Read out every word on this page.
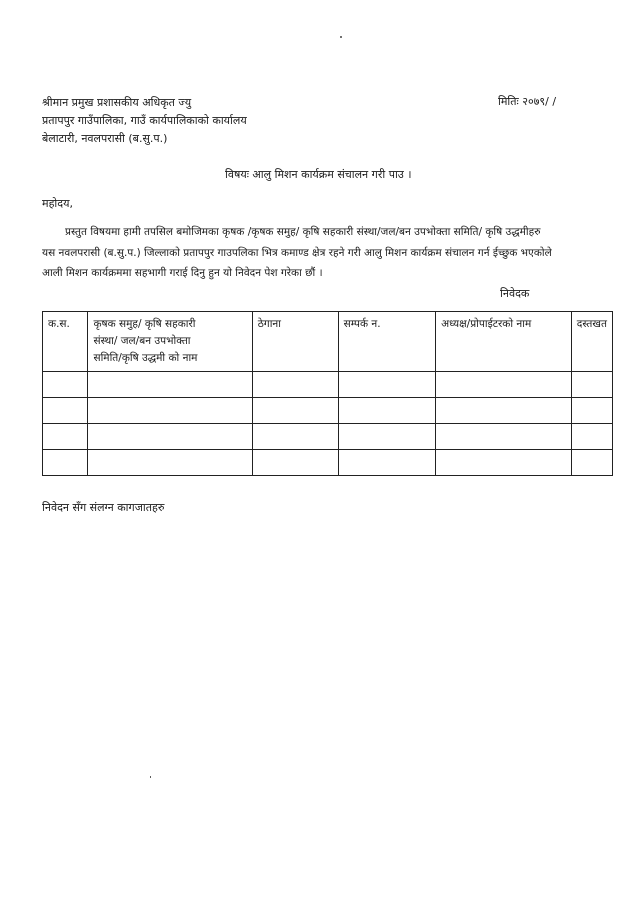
श्रीमान प्रमुख प्रशासकीय अधिकृत ज्यु
प्रतापपुर गाउँपालिका, गाउँ कार्यपालिकाको कार्यालय
बेलाटारी, नवलपरासी (ब.सु.प.)
मितिः २०७९/ /
विषयः आलु मिशन कार्यक्रम संचालन गरी पाउ ।
महोदय,
प्रस्तुत विषयमा हामी तपसिल बमोजिमका कृषक /कृषक समुह/ कृषि सहकारी संस्था/जल/बन उपभोक्ता समिति/ कृषि उद्धमीहरु
यस नवलपरासी (ब.सु.प.) जिल्लाको प्रतापपुर गाउपलिका भित्र कमाण्ड क्षेत्र रहने गरी आलु मिशन कार्यक्रम संचालन गर्न ईच्छुक भएकोले
आली मिशन कार्यक्रममा सहभागी गराई दिनु हुन यो निवेदन पेश गरेका छौं ।
निवेदक
क.स.	कृषक समुह/ कृषि सहकारी
संस्था/ जल/बन उपभोक्ता
समिति/कृषि उद्धमी को नाम	ठेगाना	सम्पर्क न.	अध्यक्ष/प्रोपाईटरको नाम	दस्तखत

निवेदन सँग संलग्न कागजातहरु
